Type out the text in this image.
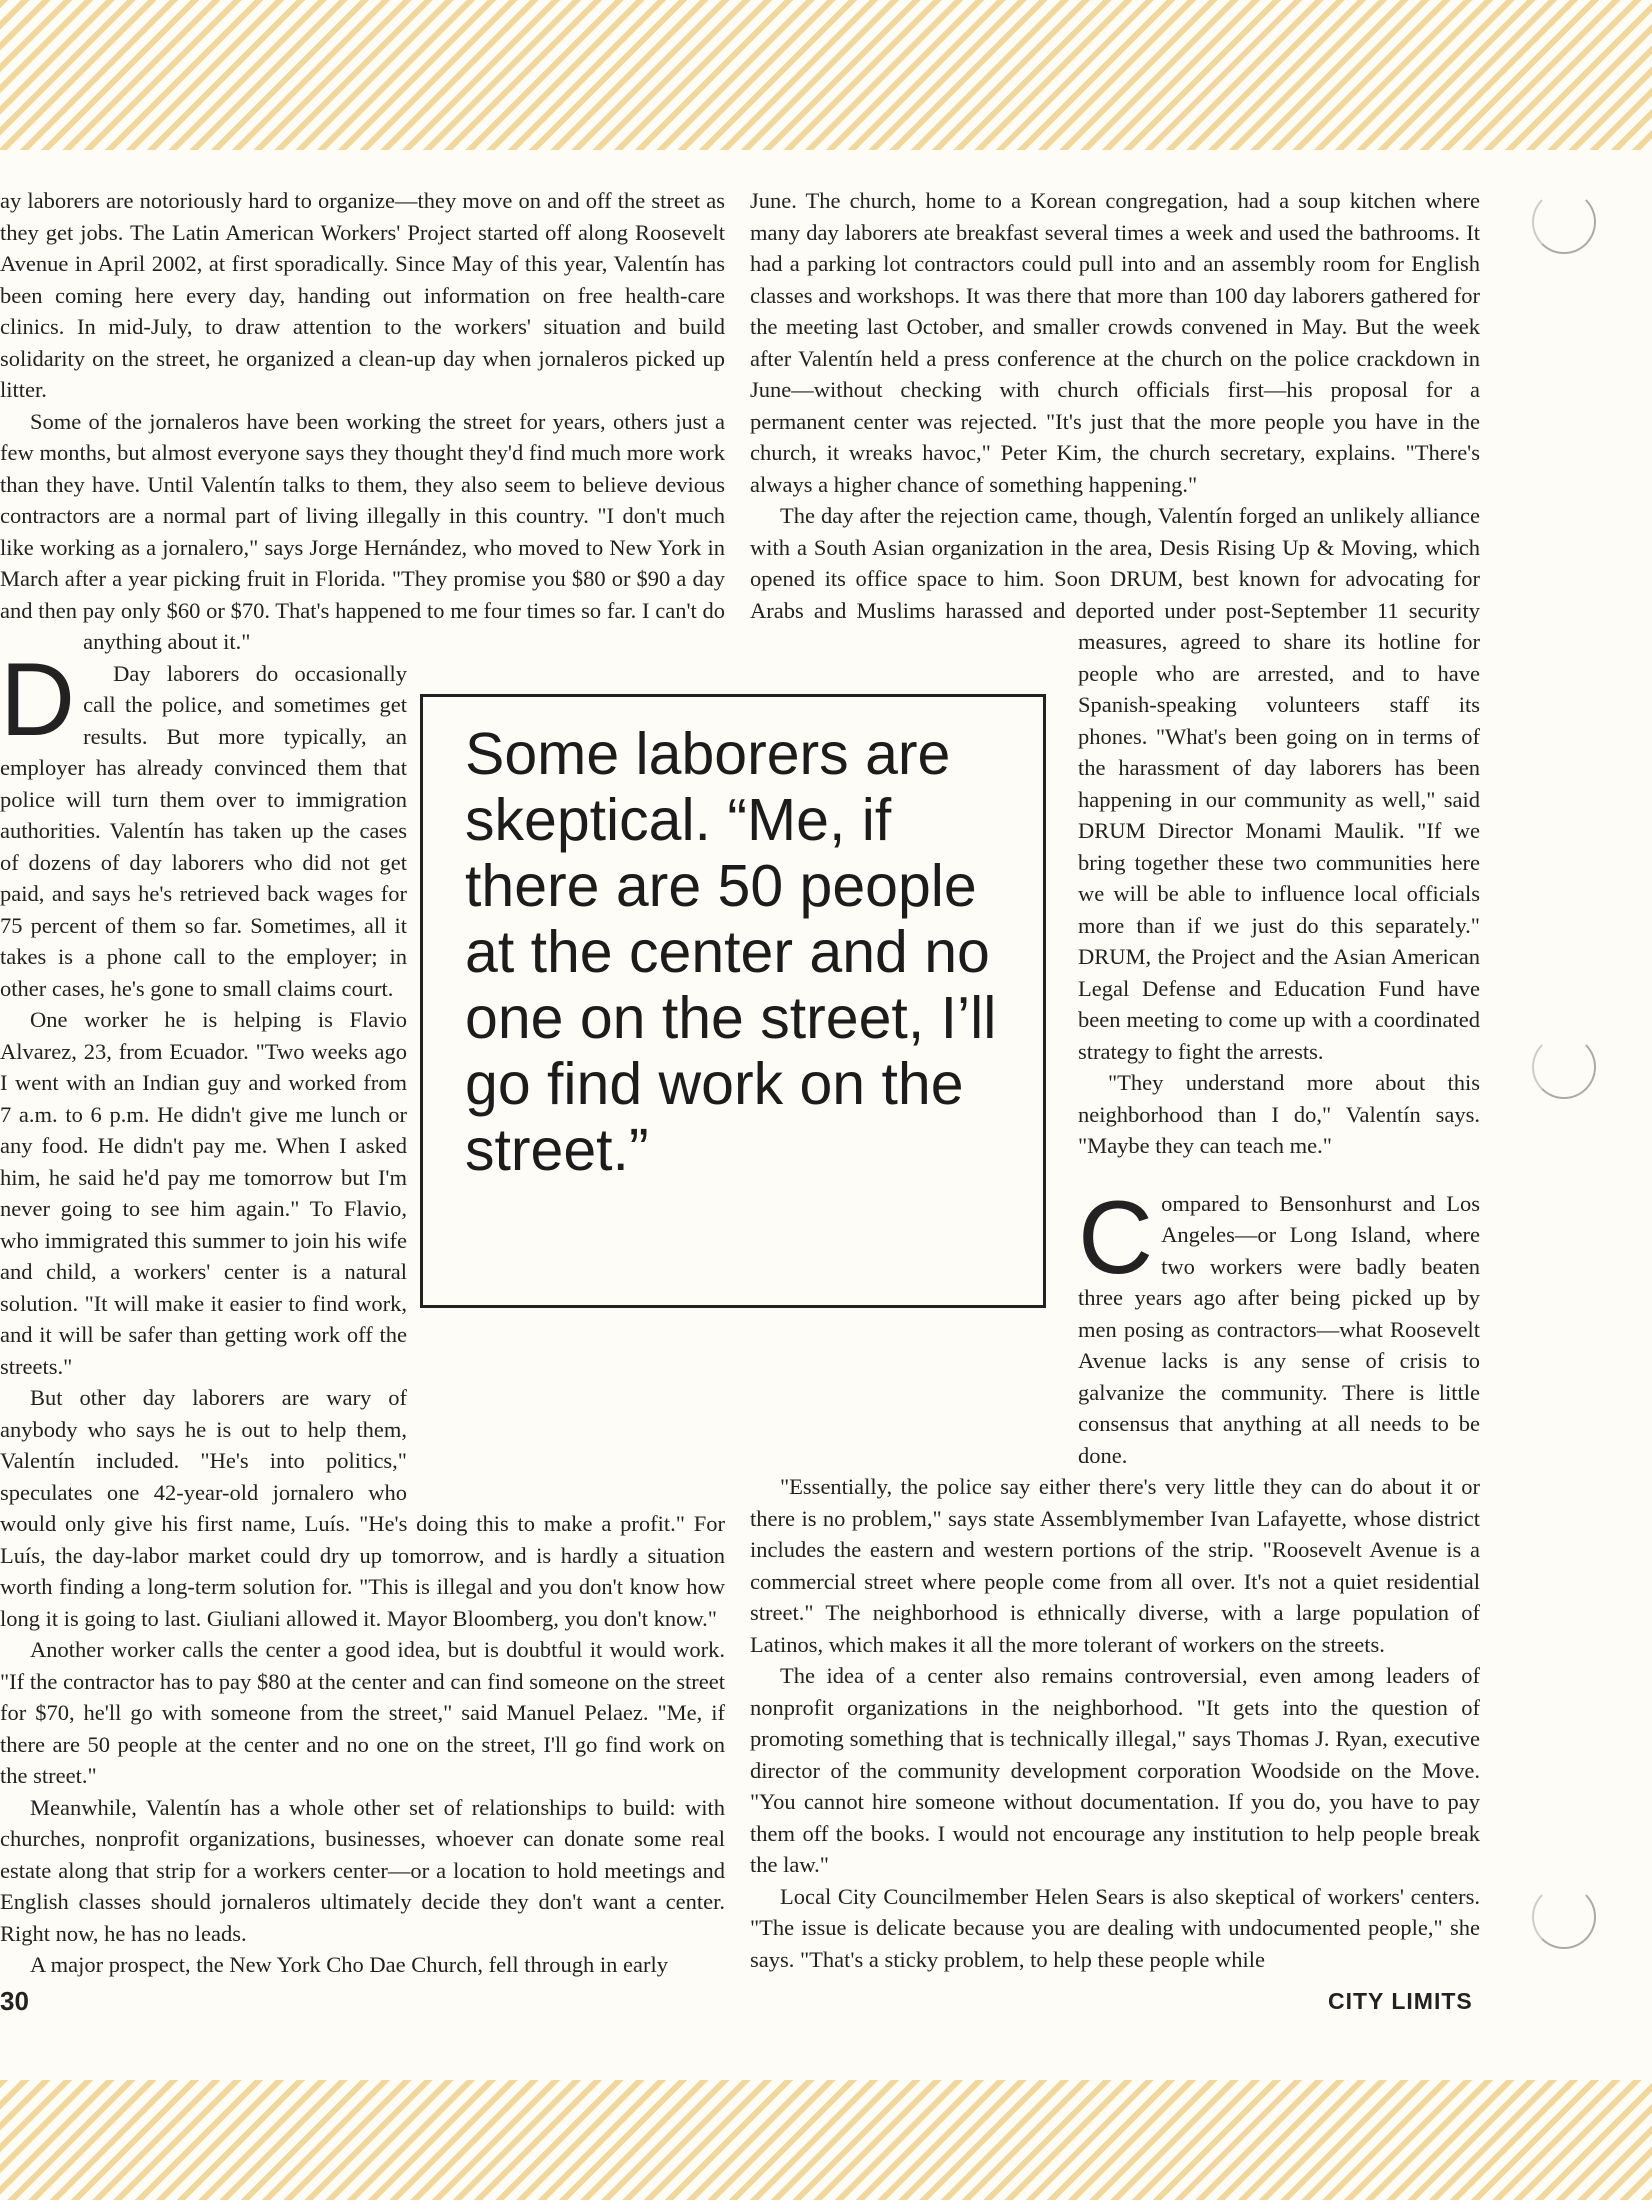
D

ay laborers are notoriously hard to organize—they move on and off the street as they get jobs. The Latin American Workers' Project started off along Roosevelt Avenue in April 2002, at first sporadically. Since May of this year, Valentín has been coming here every day, handing out information on free health-care clinics. In mid-July, to draw attention to the workers' situation and build solidarity on the street, he organized a clean-up day when jornaleros picked up litter.

Some of the jornaleros have been working the street for years, others just a few months, but almost everyone says they thought they'd find much more work than they have. Until Valentín talks to them, they also seem to believe devious contractors are a normal part of living illegally in this country. "I don't much like working as a jornalero," says Jorge Hernández, who moved to New York in March after a year picking fruit in Florida. "They promise you $80 or $90 a day and then pay only $60 or $70. That's happened to me four times so far. I can't do anything about it."

Day laborers do occasionally call the police, and sometimes get results. But more typically, an employer has already convinced them that police will turn them over to immigration authorities. Valentín has taken up the cases of dozens of day laborers who did not get paid, and says he's retrieved back wages for 75 percent of them so far. Sometimes, all it takes is a phone call to the employer; in other cases, he's gone to small claims court.

One worker he is helping is Flavio Alvarez, 23, from Ecuador. "Two weeks ago I went with an Indian guy and worked from 7 a.m. to 6 p.m. He didn't give me lunch or any food. He didn't pay me. When I asked him, he said he'd pay me tomorrow but I'm never going to see him again." To Flavio, who immigrated this summer to join his wife and child, a workers' center is a natural solution. "It will make it easier to find work, and it will be safer than getting work off the streets."

But other day laborers are wary of anybody who says he is out to help them, Valentín included. "He's into politics," speculates one 42-year-old jornalero who would only give his first name, Luís. "He's doing this to make a profit." For Luís, the day-labor market could dry up tomorrow, and is hardly a situation worth finding a long-term solution for. "This is illegal and you don't know how long it is going to last. Giuliani allowed it. Mayor Bloomberg, you don't know."

Another worker calls the center a good idea, but is doubtful it would work. "If the contractor has to pay $80 at the center and can find someone on the street for $70, he'll go with someone from the street," said Manuel Pelaez. "Me, if there are 50 people at the center and no one on the street, I'll go find work on the street."

Meanwhile, Valentín has a whole other set of relationships to build: with churches, nonprofit organizations, businesses, whoever can donate some real estate along that strip for a workers center—or a location to hold meetings and English classes should jornaleros ultimately decide they don't want a center. Right now, he has no leads.

A major prospect, the New York Cho Dae Church, fell through in early

June. The church, home to a Korean congregation, had a soup kitchen where many day laborers ate breakfast several times a week and used the bathrooms. It had a parking lot contractors could pull into and an assembly room for English classes and workshops. It was there that more than 100 day laborers gathered for the meeting last October, and smaller crowds convened in May. But the week after Valentín held a press conference at the church on the police crackdown in June—without checking with church officials first—his proposal for a permanent center was rejected. "It's just that the more people you have in the church, it wreaks havoc," Peter Kim, the church secretary, explains. "There's always a higher chance of something happening."

The day after the rejection came, though, Valentín forged an unlikely alliance with a South Asian organization in the area, Desis Rising Up & Moving, which opened its office space to him. Soon DRUM, best known for advocating for Arabs and Muslims harassed and deported under post-September 11 security measures, agreed to share its hotline for people who are arrested, and to have Spanish-speaking volunteers staff its phones. "What's been going on in terms of the harassment of day laborers has been happening in our community as well," said DRUM Director Monami Maulik. "If we bring together these two communities here we will be able to influence local officials more than if we just do this separately." DRUM, the Project and the Asian American Legal Defense and Education Fund have been meeting to come up with a coordinated strategy to fight the arrests.

"They understand more about this neighborhood than I do," Valentín says. "Maybe they can teach me."

C ompared to Bensonhurst and Los Angeles—or Long Island, where two workers were badly beaten three years ago after being picked up by men posing as contractors—what Roosevelt Avenue lacks is any sense of crisis to galvanize the community. There is little consensus that anything at all needs to be done.

"Essentially, the police say either there's very little they can do about it or there is no problem," says state Assemblymember Ivan Lafayette, whose district includes the eastern and western portions of the strip. "Roosevelt Avenue is a commercial street where people come from all over. It's not a quiet residential street." The neighborhood is ethnically diverse, with a large population of Latinos, which makes it all the more tolerant of workers on the streets.

The idea of a center also remains controversial, even among leaders of nonprofit organizations in the neighborhood. "It gets into the question of promoting something that is technically illegal," says Thomas J. Ryan, executive director of the community development corporation Woodside on the Move. "You cannot hire someone without documentation. If you do, you have to pay them off the books. I would not encourage any institution to help people break the law."

Local City Councilmember Helen Sears is also skeptical of workers' centers. "The issue is delicate because you are dealing with undocumented people," she says. "That's a sticky problem, to help these people while

Some laborers are skeptical. “Me, if there are 50 people at the center and no one on the street, I’ll go find work on the street.”
30	CITY LIMITS
